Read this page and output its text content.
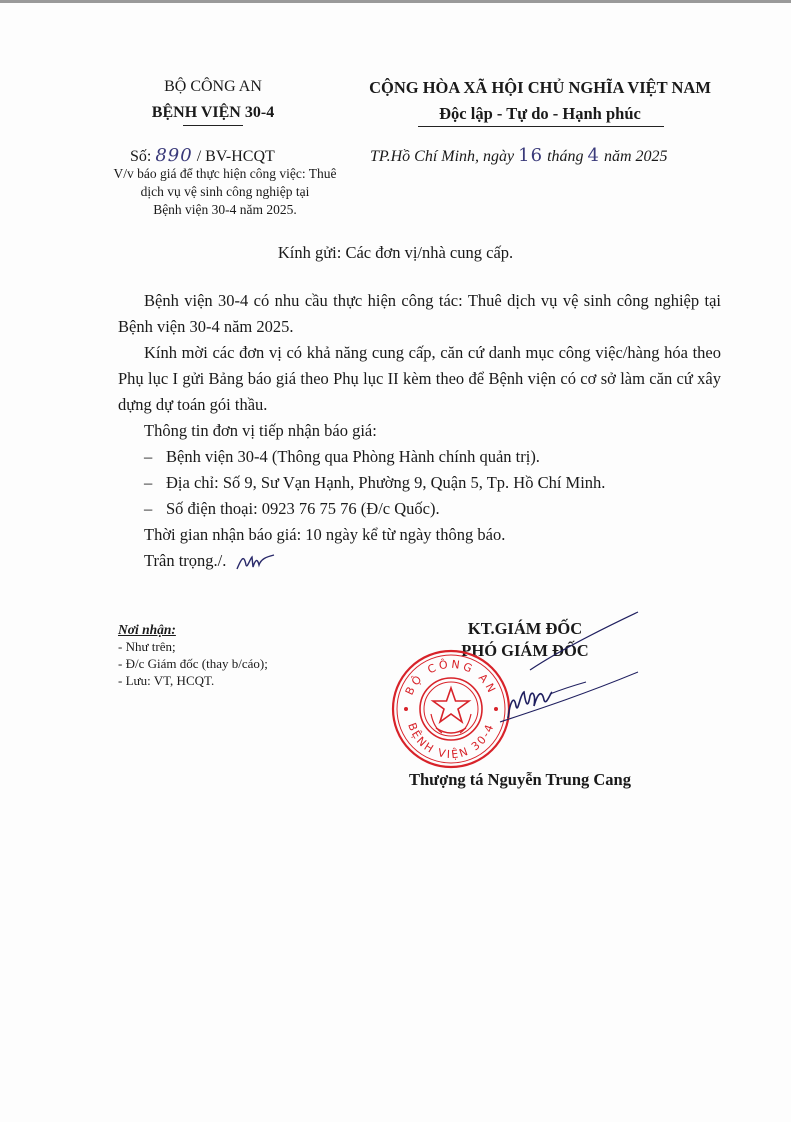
BỘ CÔNG AN
BỆNH VIỆN 30-4
Số: 890 / BV-HCQT
V/v báo giá để thực hiện công việc: Thuê
dịch vụ vệ sinh công nghiệp tại
Bệnh viện 30-4 năm 2025.
CỘNG HÒA XÃ HỘI CHỦ NGHĨA VIỆT NAM
Độc lập - Tự do - Hạnh phúc
TP.Hồ Chí Minh, ngày 16 tháng 4 năm 2025
Kính gửi: Các đơn vị/nhà cung cấp.

Bệnh viện 30-4 có nhu cầu thực hiện công tác: Thuê dịch vụ vệ sinh công nghiệp tại Bệnh viện 30-4 năm 2025.

Kính mời các đơn vị có khả năng cung cấp, căn cứ danh mục công việc/hàng hóa theo Phụ lục I gửi Bảng báo giá theo Phụ lục II kèm theo để Bệnh viện có cơ sở làm căn cứ xây dựng dự toán gói thầu.

Thông tin đơn vị tiếp nhận báo giá:

– Bệnh viện 30-4 (Thông qua Phòng Hành chính quản trị).

– Địa chỉ: Số 9, Sư Vạn Hạnh, Phường 9, Quận 5, Tp. Hồ Chí Minh.

– Số điện thoại: 0923 76 75 76 (Đ/c Quốc).

Thời gian nhận báo giá: 10 ngày kể từ ngày thông báo.

Trân trọng./.

Nơi nhận:
- Như trên;
- Đ/c Giám đốc (thay b/cáo);
- Lưu: VT, HCQT.
KT.GIÁM ĐỐC
PHÓ GIÁM ĐỐC
BỘ CÔNG AN
BỆNH VIỆN 30-4
Thượng tá Nguyễn Trung Cang
